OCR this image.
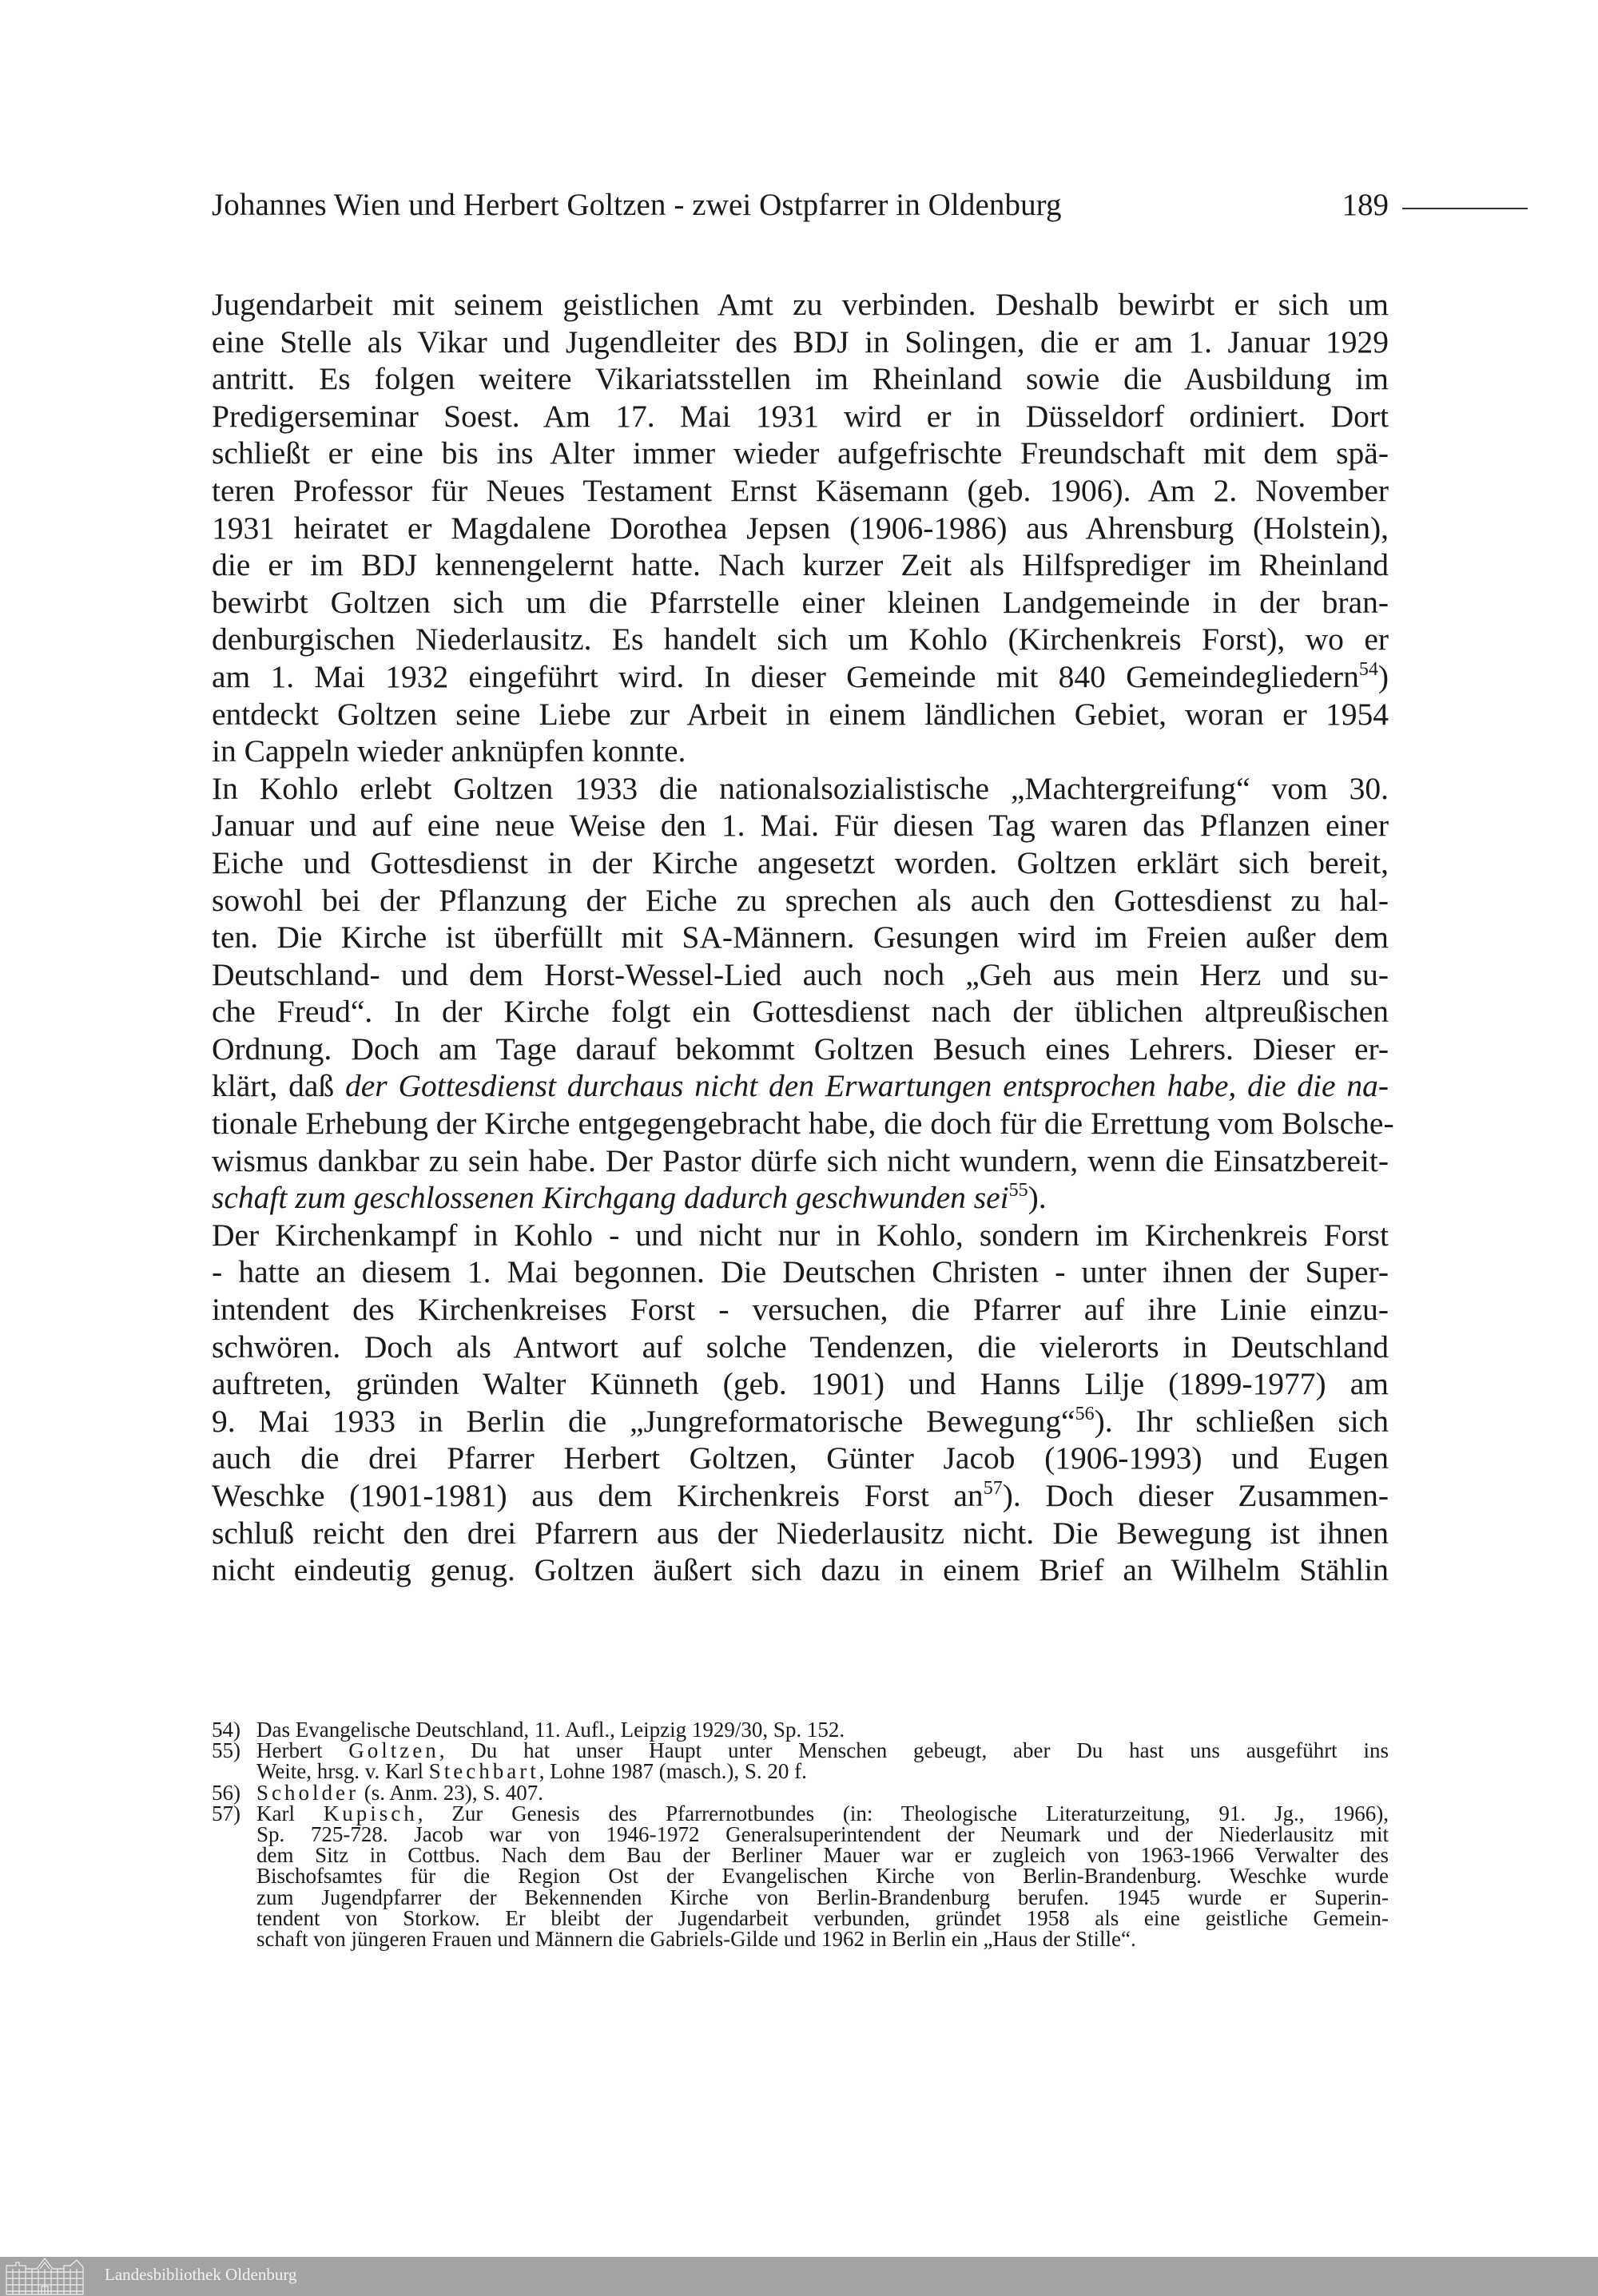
Johannes Wien und Herbert Goltzen - zwei Ostpfarrer in Oldenburg	189
Jugendarbeit mit seinem geistlichen Amt zu verbinden. Deshalb bewirbt er sich um
eine Stelle als Vikar und Jugendleiter des BDJ in Solingen, die er am 1. Januar 1929
antritt. Es folgen weitere Vikariatsstellen im Rheinland sowie die Ausbildung im
Predigerseminar Soest. Am 17. Mai 1931 wird er in Düsseldorf ordiniert. Dort
schließt er eine bis ins Alter immer wieder aufgefrischte Freundschaft mit dem spä-
teren Professor für Neues Testament Ernst Käsemann (geb. 1906). Am 2. November
1931 heiratet er Magdalene Dorothea Jepsen (1906-1986) aus Ahrensburg (Holstein),
die er im BDJ kennengelernt hatte. Nach kurzer Zeit als Hilfsprediger im Rheinland
bewirbt Goltzen sich um die Pfarrstelle einer kleinen Landgemeinde in der bran-
denburgischen Niederlausitz. Es handelt sich um Kohlo (Kirchenkreis Forst), wo er
am 1. Mai 1932 eingeführt wird. In dieser Gemeinde mit 840 Gemeindegliedern$^{54}$)
entdeckt Goltzen seine Liebe zur Arbeit in einem ländlichen Gebiet, woran er 1954
in Cappeln wieder anknüpfen konnte.
In Kohlo erlebt Goltzen 1933 die nationalsozialistische „Machtergreifung“ vom 30.
Januar und auf eine neue Weise den 1. Mai. Für diesen Tag waren das Pflanzen einer
Eiche und Gottesdienst in der Kirche angesetzt worden. Goltzen erklärt sich bereit,
sowohl bei der Pflanzung der Eiche zu sprechen als auch den Gottesdienst zu hal-
ten. Die Kirche ist überfüllt mit SA-Männern. Gesungen wird im Freien außer dem
Deutschland- und dem Horst-Wessel-Lied auch noch „Geh aus mein Herz und su-
che Freud“. In der Kirche folgt ein Gottesdienst nach der üblichen altpreußischen
Ordnung. Doch am Tage darauf bekommt Goltzen Besuch eines Lehrers. Dieser er-
klärt, daß der Gottesdienst durchaus nicht den Erwartungen entsprochen habe, die die na-
tionale Erhebung der Kirche entgegengebracht habe, die doch für die Errettung vom Bolsche-
wismus dankbar zu sein habe. Der Pastor dürfe sich nicht wundern, wenn die Einsatzbereit-
schaft zum geschlossenen Kirchgang dadurch geschwunden sei$^{55}$).
Der Kirchenkampf in Kohlo - und nicht nur in Kohlo, sondern im Kirchenkreis Forst
- hatte an diesem 1. Mai begonnen. Die Deutschen Christen - unter ihnen der Super-
intendent des Kirchenkreises Forst - versuchen, die Pfarrer auf ihre Linie einzu-
schwören. Doch als Antwort auf solche Tendenzen, die vielerorts in Deutschland
auftreten, gründen Walter Künneth (geb. 1901) und Hanns Lilje (1899-1977) am
9. Mai 1933 in Berlin die „Jungreformatorische Bewegung“$^{56}$). Ihr schließen sich
auch die drei Pfarrer Herbert Goltzen, Günter Jacob (1906-1993) und Eugen
Weschke (1901-1981) aus dem Kirchenkreis Forst $an^{57}$). Doch dieser Zusammen-
schluß reicht den drei Pfarrern aus der Niederlausitz nicht. Die Bewegung ist ihnen
nicht eindeutig genug. Goltzen äußert sich dazu in einem Brief an Wilhelm Stählin
54) Das Evangelische Deutschland, 11. Aufl., Leipzig 1929/30, Sp. 152.
55) Herbert Goltzen, Du hat unser Haupt unter Menschen gebeugt, aber Du hast uns ausgeführt ins
Weite, hrsg. v. Karl Stechbart, Lohne 1987 (masch.), S. 20 f.
56) Scholder (s. Anm. 23), S. 407.
57) Karl Kupisch, Zur Genesis des Pfarrernotbundes (in: Theologische Literaturzeitung, 91. Jg., 1966),
Sp. 725-728. Jacob war von 1946-1972 Generalsuperintendent der Neumark und der Niederlausitz mit
dem Sitz in Cottbus. Nach dem Bau der Berliner Mauer war er zugleich von 1963-1966 Verwalter des
Bischofsamtes für die Region Ost der Evangelischen Kirche von Berlin-Brandenburg. Weschke wurde
zum Jugendpfarrer der Bekennenden Kirche von Berlin-Brandenburg berufen. 1945 wurde er Superin-
tendent von Storkow. Er bleibt der Jugendarbeit verbunden, gründet 1958 als eine geistliche Gemein-
schaft von jüngeren Frauen und Männern die Gabriels-Gilde und 1962 in Berlin ein „Haus der Stille“.
Landesbibliothek Oldenburg
